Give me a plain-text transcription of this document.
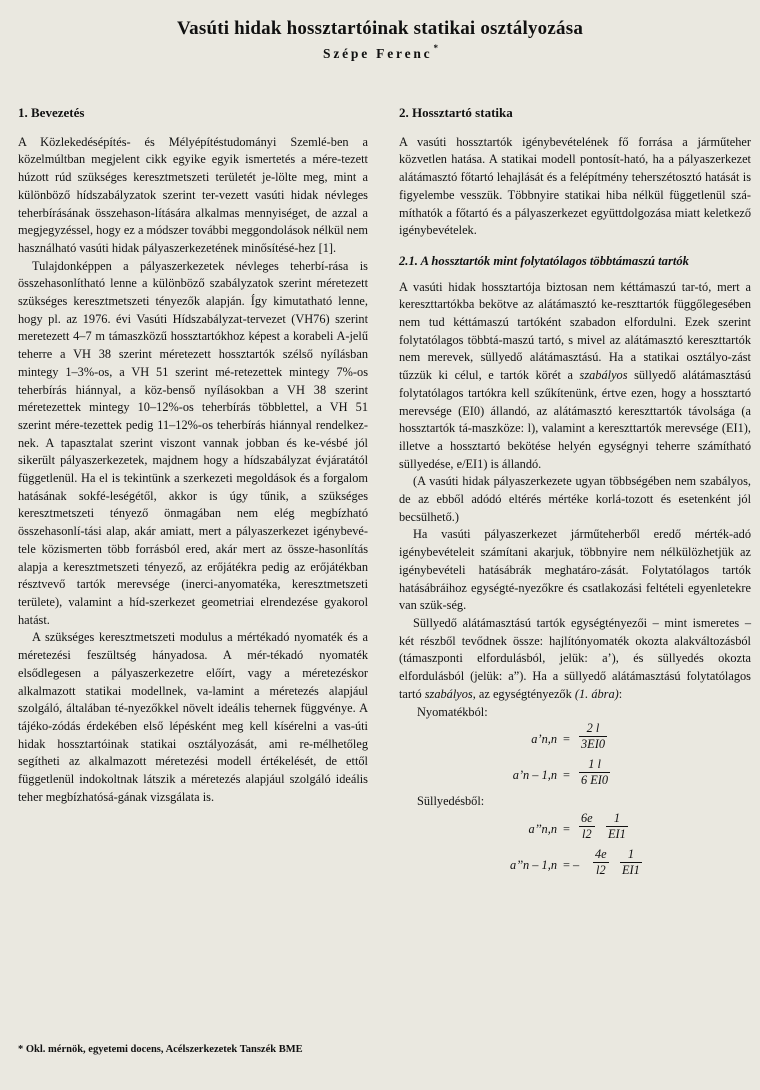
Vasúti hidak hossztartóinak statikai osztályozása
Szépe Ferenc*
1. Bevezetés

A Közlekedésépítés- és Mélyépítéstudományi Szemlé-ben a közelmúltban megjelent cikk egyike egyik ismertetés a mére-tezett húzott rúd szükséges keresztmetszeti területét je-lölte meg, mint a különböző hídszabályzatok szerint ter-vezett vasúti hidak névleges teherbírásának összehason-lítására alkalmas mennyiséget, de azzal a megjegyzéssel, hogy ez a módszer további meggondolások nélkül nem használható vasúti hidak pályaszerkezetének minősítésé-hez [1].

Tulajdonképpen a pályaszerkezetek névleges teherbí-rása is összehasonlítható lenne a különböző szabályzatok szerint méretezett szükséges keresztmetszeti tényezők alapján. Így kimutatható lenne, hogy pl. az 1976. évi Vasúti Hídszabályzat-tervezet (VH76) szerint meretezett 4–7 m támaszközű hossztartókhoz képest a korabeli A-jelű teherre a VH 38 szerint méretezett hossztartók szélső nyílásban mintegy 1–3%-os, a VH 51 szerint mé-retezettek mintegy 7%-os teherbírás hiánnyal, a köz-benső nyílásokban a VH 38 szerint méretezettek mintegy 10–12%-os teherbírás többlettel, a VH 51 szerint mére-tezettek pedig 11–12%-os teherbírás hiánnyal rendelkez-nek. A tapasztalat szerint viszont vannak jobban és ke-vésbé jól sikerült pályaszerkezetek, majdnem hogy a hídszabályzat évjáratától függetlenül. Ha el is tekintünk a szerkezeti megoldások és a forgalom hatásának sokfé-leségétől, akkor is úgy tűnik, a szükséges keresztmetszeti tényező önmagában nem elég megbízható összehasonlí-tási alap, akár amiatt, mert a pályaszerkezet igénybevé-tele közismerten több forrásból ered, akár mert az össze-hasonlítás alapja a keresztmetszeti tényező, az erőjátékra pedig az erőjátékban résztvevő tartók merevsége (inerci-anyomatéka, keresztmetszeti területe), valamint a híd-szerkezet geometriai elrendezése gyakorol hatást.

A szükséges keresztmetszeti modulus a mértékadó nyomaték és a méretezési feszültség hányadosa. A mér-tékadó nyomaték elsődlegesen a pályaszerkezetre előírt, vagy a méretezéskor alkalmazott statikai modellnek, va-lamint a méretezés alapjául szolgáló, általában té-nyezőkkel növelt ideális tehernek függvénye. A tájéko-zódás érdekében első lépésként meg kell kísérelni a vas-úti hidak hossztartóinak statikai osztályozását, ami re-mélhetőleg segítheti az alkalmazott méretezési modell értékelését, de ettől függetlenül indokoltnak látszik a méretezés alapjául szolgáló ideális teher megbízhatósá-gának vizsgálata is.

2. Hossztartó statika

A vasúti hossztartók igénybevételének fő forrása a járműteher közvetlen hatása. A statikai modell pontosít-ható, ha a pályaszerkezet alátámasztó főtartó lehajlását és a felépítmény teherszétosztó hatását is figyelembe vesszük. Többnyire statikai hiba nélkül függetlenül szá-míthatók a főtartó és a pályaszerkezet együttdolgozása miatt keletkező igénybevételek.

2.1. A hossztartók mint folytatólagos többtámaszú tartók

A vasúti hidak hossztartója biztosan nem kéttámaszú tar-tó, mert a kereszttartókba bekötve az alátámasztó ke-reszttartók függőlegesében nem tud kéttámaszú tartóként szabadon elfordulni. Ezek szerint folytatólagos többtá-maszú tartó, s mivel az alátámasztó kereszttartók nem merevek, süllyedő alátámasztású. Ha a statikai osztályo-zást tűzzük ki célul, e tartók körét a szabályos süllyedő alátámasztású folytatólagos tartókra kell szűkítenünk, értve ezen, hogy a hossztartó merevsége (EI0) állandó, az alátámasztó kereszttartók távolsága (a hossztartók tá-maszköze: l), valamint a kereszttartók merevsége (EI1), illetve a hossztartó bekötése helyén egységnyi teherre számítható süllyedése, e/EI1) is állandó.

(A vasúti hidak pályaszerkezete ugyan többségében nem szabályos, de az ebből adódó eltérés mértéke korlá-tozott és esetenként jól becsülhető.)

Ha vasúti pályaszerkezet járműteherből eredő mérték-adó igénybevételeit számítani akarjuk, többnyire nem nélkülözhetjük az igénybevételi hatásábrák meghatáro-zását. Folytatólagos tartók hatásábráihoz egységté-nyezőkre és csatlakozási feltételi egyenletekre van szük-ség.

Süllyedő alátámasztású tartók egységtényezői – mint ismeretes – két részből tevődnek össze: hajlítónyomaték okozta alakváltozásból (támaszponti elfordulásból, jelük: a’), és süllyedés okozta elfordulásból (jelük: a”). Ha a süllyedő alátámasztású folytatólagos tartó szabályos, az egységtényezők (1. ábra):

Nyomatékból:

a’n,n = $\frac{2 l}{3EI0}$
a’n – $1,n = \frac{1 l}{6 EI0}$

Süllyedésből:

a’’n,n = $\frac{6e}{l2} \frac{1}{EI1}$
a’’n – 1,n = – $\frac{4e}{l2} \frac{1}{EI1}$
* Okl. mérnök, egyetemi docens, Acélszerkezetek Tanszék BME
